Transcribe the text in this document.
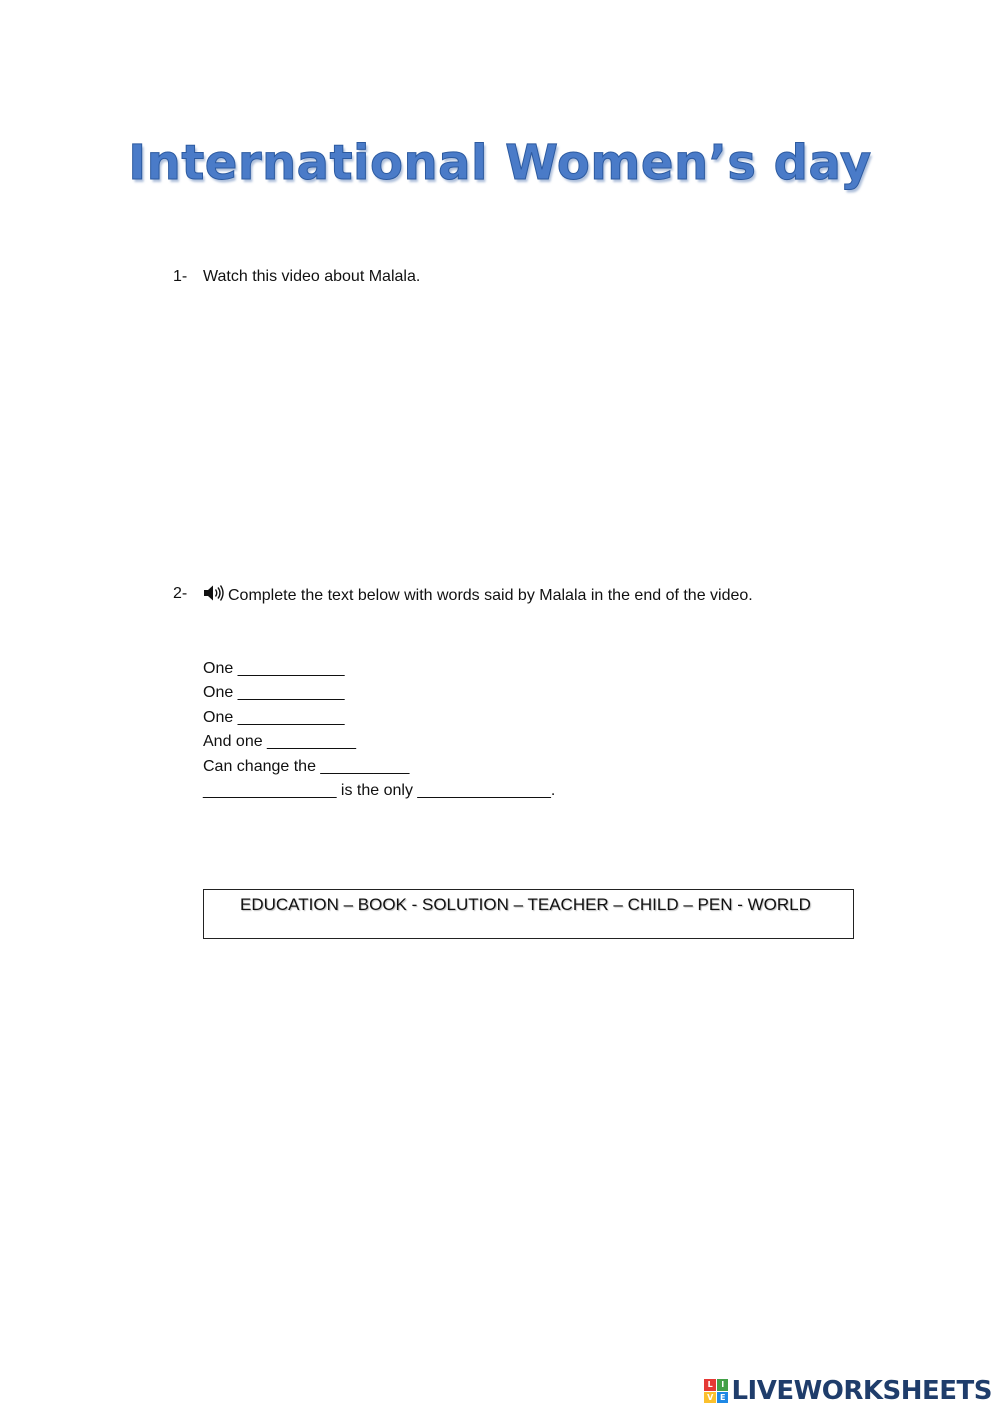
International Women’s day
1- Watch this video about Malala.
2-	Complete the text below with words said by Malala in the end of the video.
One ____________
One ____________
One ____________
And one __________
Can change the __________
_______________ is the only _______________.
EDUCATION – BOOK - SOLUTION – TEACHER – CHILD – PEN - WORLD
L	I
V E LIVEWORKSHEETS
